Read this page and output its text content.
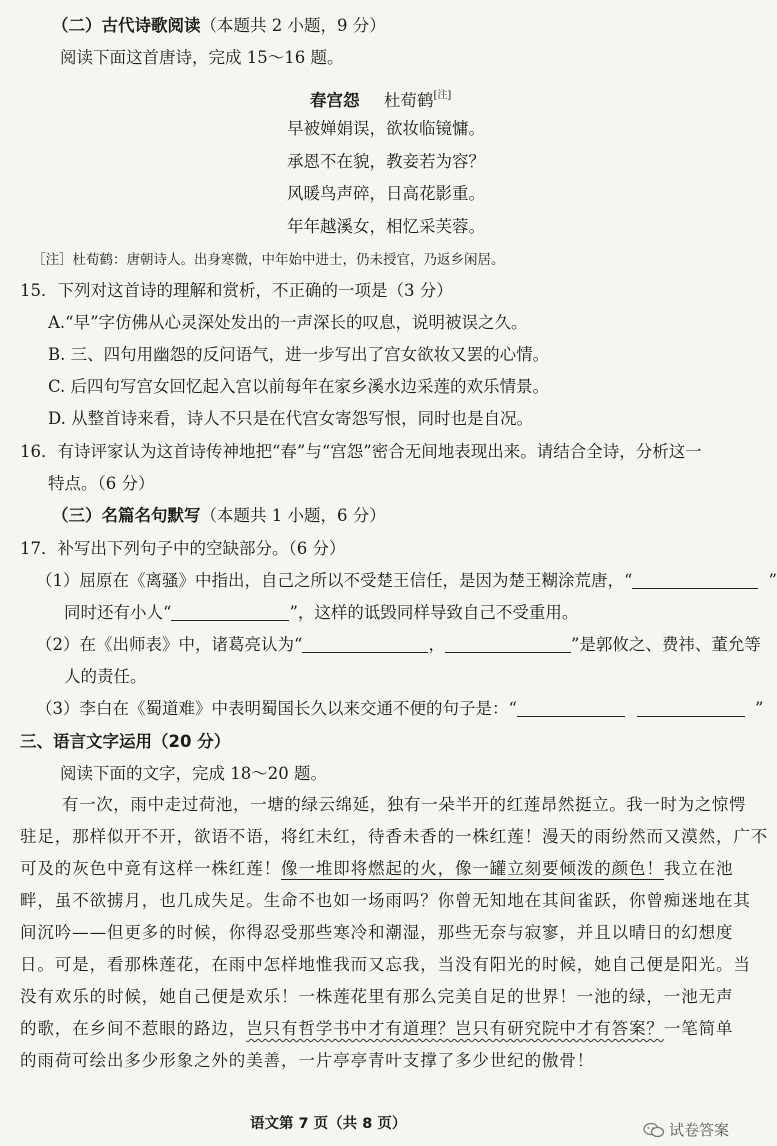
（二）古代诗歌阅读（本题共 2 小题，9 分）
阅读下面这首唐诗，完成 15～16 题。
春宫怨 杜荀鹤[注]
早被婵娟误，欲妆临镜慵。
承恩不在貌，教妾若为容？
风暖鸟声碎，日高花影重。
年年越溪女，相忆采芙蓉。
［注］杜荀鹤：唐朝诗人。出身寒微，中年始中进士，仍未授官，乃返乡闲居。
15．下列对这首诗的理解和赏析，不正确的一项是（3 分）
A.“早”字仿佛从心灵深处发出的一声深长的叹息，说明被误之久。
B. 三、四句用幽怨的反问语气，进一步写出了宫女欲妆又罢的心情。
C. 后四句写宫女回忆起入宫以前每年在家乡溪水边采莲的欢乐情景。
D. 从整首诗来看，诗人不只是在代宫女寄怨写恨，同时也是自况。
16．有诗评家认为这首诗传神地把“春”与“宫怨”密合无间地表现出来。请结合全诗，分析这一
特点。（6 分）
（三）名篇名句默写（本题共 1 小题，6 分）
17．补写出下列句子中的空缺部分。（6 分）
（1）屈原在《离骚》中指出，自己之所以不受楚王信任，是因为楚王糊涂荒唐，“	”
同时还有小人“	”，这样的诋毁同样导致自己不受重用。
（2）在《出师表》中，诸葛亮认为“	，	”是郭攸之、费祎、董允等
人的责任。
（3）李白在《蜀道难》中表明蜀国长久以来交通不便的句子是：“	”
三、语言文字运用（20 分）
阅读下面的文字，完成 18～20 题。
有一次，雨中走过荷池，一塘的绿云绵延，独有一朵半开的红莲昂然挺立。我一时为之惊愕
驻足，那样似开不开，欲语不语，将红未红，待香未香的一株红莲！漫天的雨纷然而又漠然，广不
可及的灰色中竟有这样一株红莲！像一堆即将燃起的火，像一罐立刻要倾泼的颜色！我立在池
畔，虽不欲掳月，也几成失足。生命不也如一场雨吗？你曾无知地在其间雀跃，你曾痴迷地在其
间沉吟——但更多的时候，你得忍受那些寒冷和潮湿，那些无奈与寂寥，并且以晴日的幻想度
日。可是，看那株莲花，在雨中怎样地惟我而又忘我，当没有阳光的时候，她自己便是阳光。当
没有欢乐的时候，她自己便是欢乐！一株莲花里有那么完美自足的世界！一池的绿，一池无声
的歌，在乡间不惹眼的路边，岂只有哲学书中才有道理？岂只有研究院中才有答案？一笔简单
的雨荷可绘出多少形象之外的美善，一片亭亭青叶支撑了多少世纪的傲骨！
语文第 7 页（共 8 页）	试卷答案
